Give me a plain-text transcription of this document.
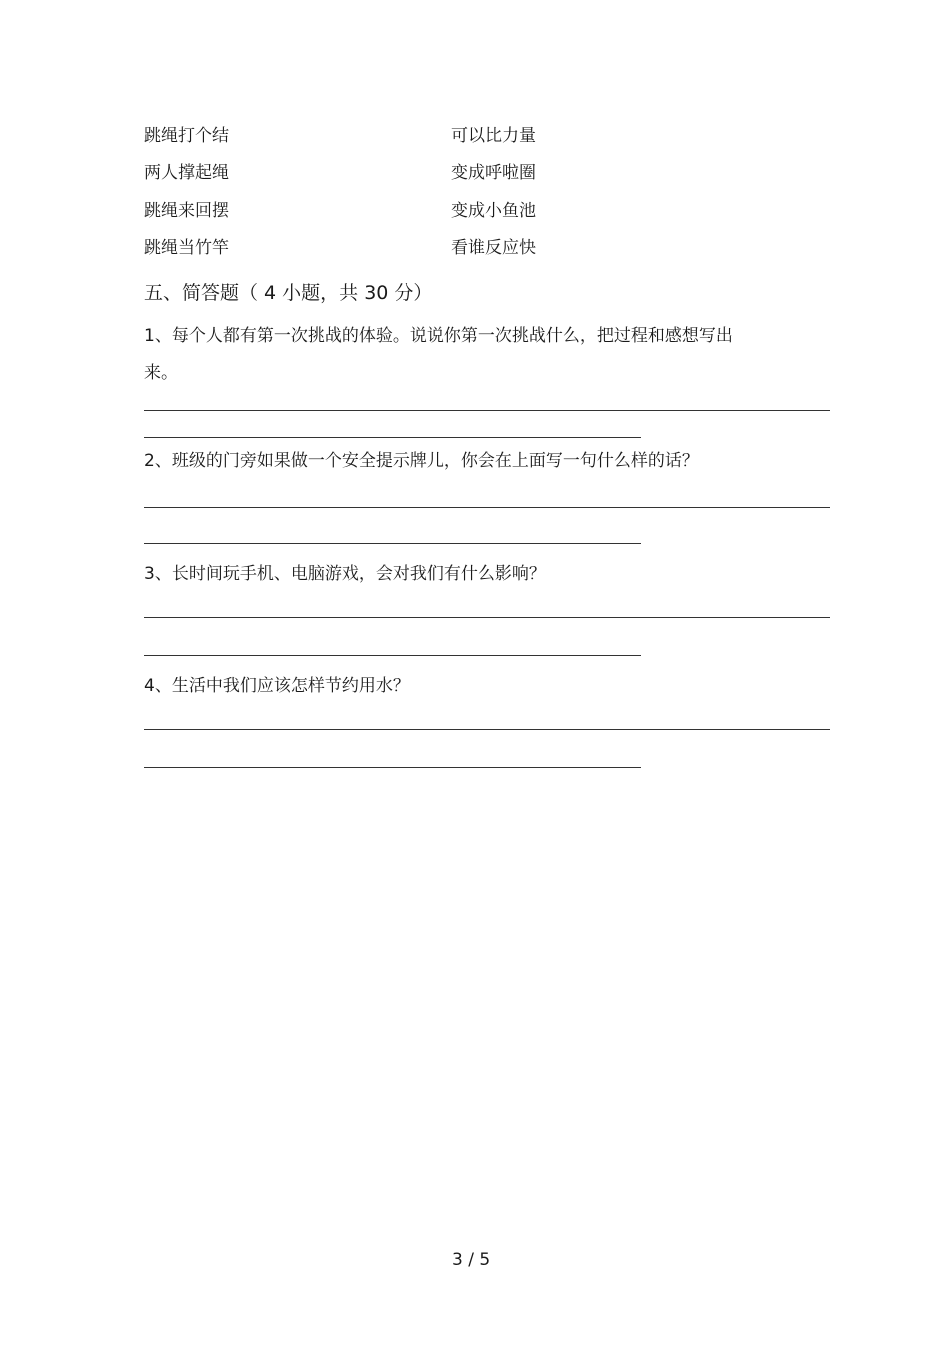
跳绳打个结
两人撑起绳
跳绳来回摆
跳绳当竹竿
可以比力量
变成呼啦圈
变成小鱼池
看谁反应快
五、简答题（ 4 小题，共 30 分）
1、每个人都有第一次挑战的体验。说说你第一次挑战什么，把过程和感想写出
来。
2、班级的门旁如果做一个安全提示牌儿，你会在上面写一句什么样的话？
3、长时间玩手机、电脑游戏，会对我们有什么影响？
4、生活中我们应该怎样节约用水？
3 / 5
